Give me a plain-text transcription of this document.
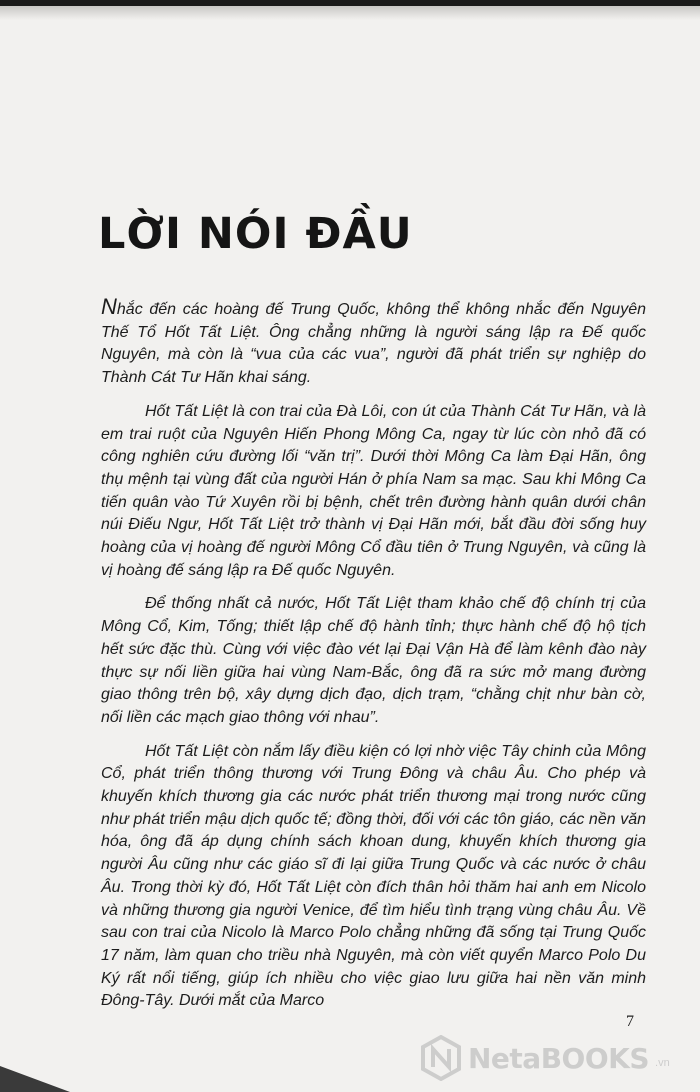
LỜI NÓI ĐẦU

Nhắc đến các hoàng đế Trung Quốc, không thể không nhắc đến Nguyên Thế Tổ Hốt Tất Liệt. Ông chẳng những là người sáng lập ra Đế quốc Nguyên, mà còn là “vua của các vua”, người đã phát triển sự nghiệp do Thành Cát Tư Hãn khai sáng.

Hốt Tất Liệt là con trai của Đà Lôi, con út của Thành Cát Tư Hãn, và là em trai ruột của Nguyên Hiến Phong Mông Ca, ngay từ lúc còn nhỏ đã có công nghiên cứu đường lối “văn trị”. Dưới thời Mông Ca làm Đại Hãn, ông thụ mệnh tại vùng đất của người Hán ở phía Nam sa mạc. Sau khi Mông Ca tiến quân vào Tứ Xuyên rồi bị bệnh, chết trên đường hành quân dưới chân núi Điếu Ngư, Hốt Tất Liệt trở thành vị Đại Hãn mới, bắt đầu đời sống huy hoàng của vị hoàng đế người Mông Cổ đầu tiên ở Trung Nguyên, và cũng là vị hoàng đế sáng lập ra Đế quốc Nguyên.

Để thống nhất cả nước, Hốt Tất Liệt tham khảo chế độ chính trị của Mông Cổ, Kim, Tống; thiết lập chế độ hành tỉnh; thực hành chế độ hộ tịch hết sức đặc thù. Cùng với việc đào vét lại Đại Vận Hà để làm kênh đào này thực sự nối liền giữa hai vùng Nam-Bắc, ông đã ra sức mở mang đường giao thông trên bộ, xây dựng dịch đạo, dịch trạm, “chằng chịt như bàn cờ, nối liền các mạch giao thông với nhau”.

Hốt Tất Liệt còn nắm lấy điều kiện có lợi nhờ việc Tây chinh của Mông Cổ, phát triển thông thương với Trung Đông và châu Âu. Cho phép và khuyến khích thương gia các nước phát triển thương mại trong nước cũng như phát triển mậu dịch quốc tế; đồng thời, đối với các tôn giáo, các nền văn hóa, ông đã áp dụng chính sách khoan dung, khuyến khích thương gia người Âu cũng như các giáo sĩ đi lại giữa Trung Quốc và các nước ở châu Âu. Trong thời kỳ đó, Hốt Tất Liệt còn đích thân hỏi thăm hai anh em Nicolo và những thương gia người Venice, để tìm hiểu tình trạng vùng châu Âu. Về sau con trai của Nicolo là Marco Polo chẳng những đã sống tại Trung Quốc 17 năm, làm quan cho triều nhà Nguyên, mà còn viết quyển Marco Polo Du Ký rất nổi tiếng, giúp ích nhiều cho việc giao lưu giữa hai nền văn minh Đông-Tây. Dưới mắt của Marco

7
NetaBOOKS .vn
